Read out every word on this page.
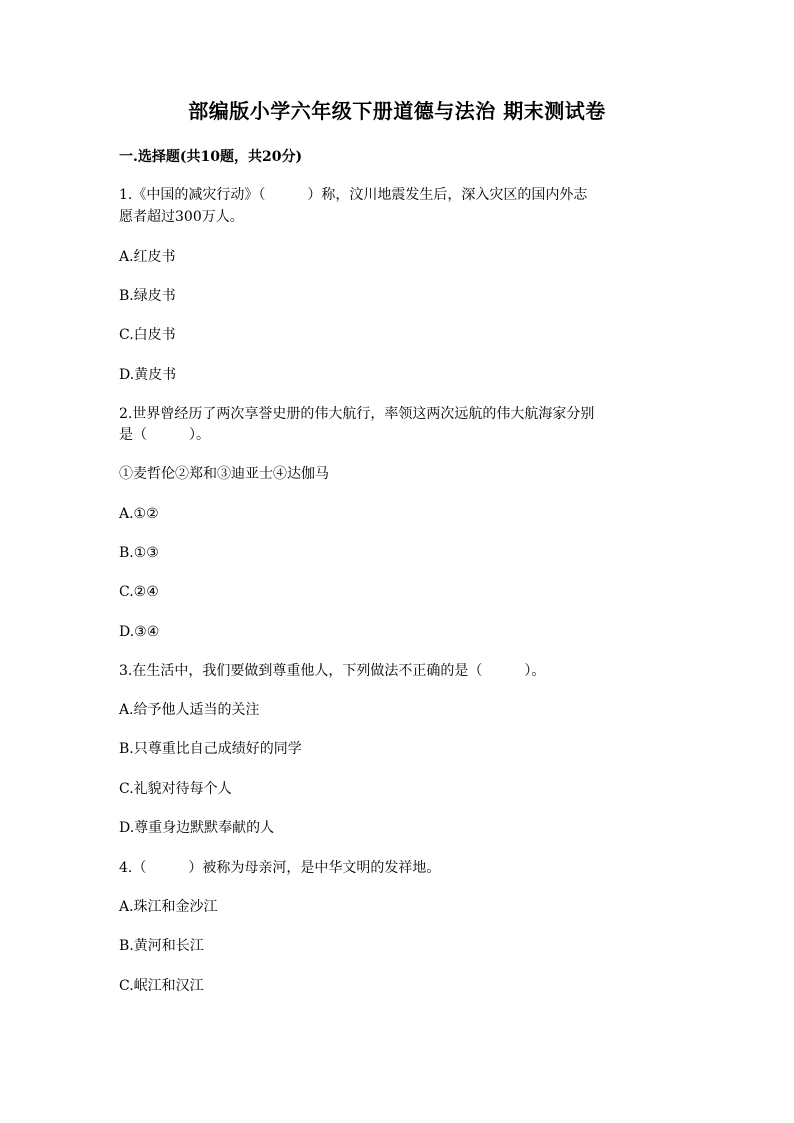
部编版小学六年级下册道德与法治 期末测试卷
一.选择题(共10题，共20分)
1.《中国的减灾行动》（　　　）称，汶川地震发生后，深入灾区的国内外志
愿者超过300万人。
A.红皮书
B.绿皮书
C.白皮书
D.黄皮书
2.世界曾经历了两次享誉史册的伟大航行，率领这两次远航的伟大航海家分别
是（　　　）。
①麦哲伦②郑和③迪亚士④达伽马
A.①②
B.①③
C.②④
D.③④
3.在生活中，我们要做到尊重他人，下列做法不正确的是（　　　）。
A.给予他人适当的关注
B.只尊重比自己成绩好的同学
C.礼貌对待每个人
D.尊重身边默默奉献的人
4.（　　　）被称为母亲河，是中华文明的发祥地。
A.珠江和金沙江
B.黄河和长江
C.岷江和汉江
